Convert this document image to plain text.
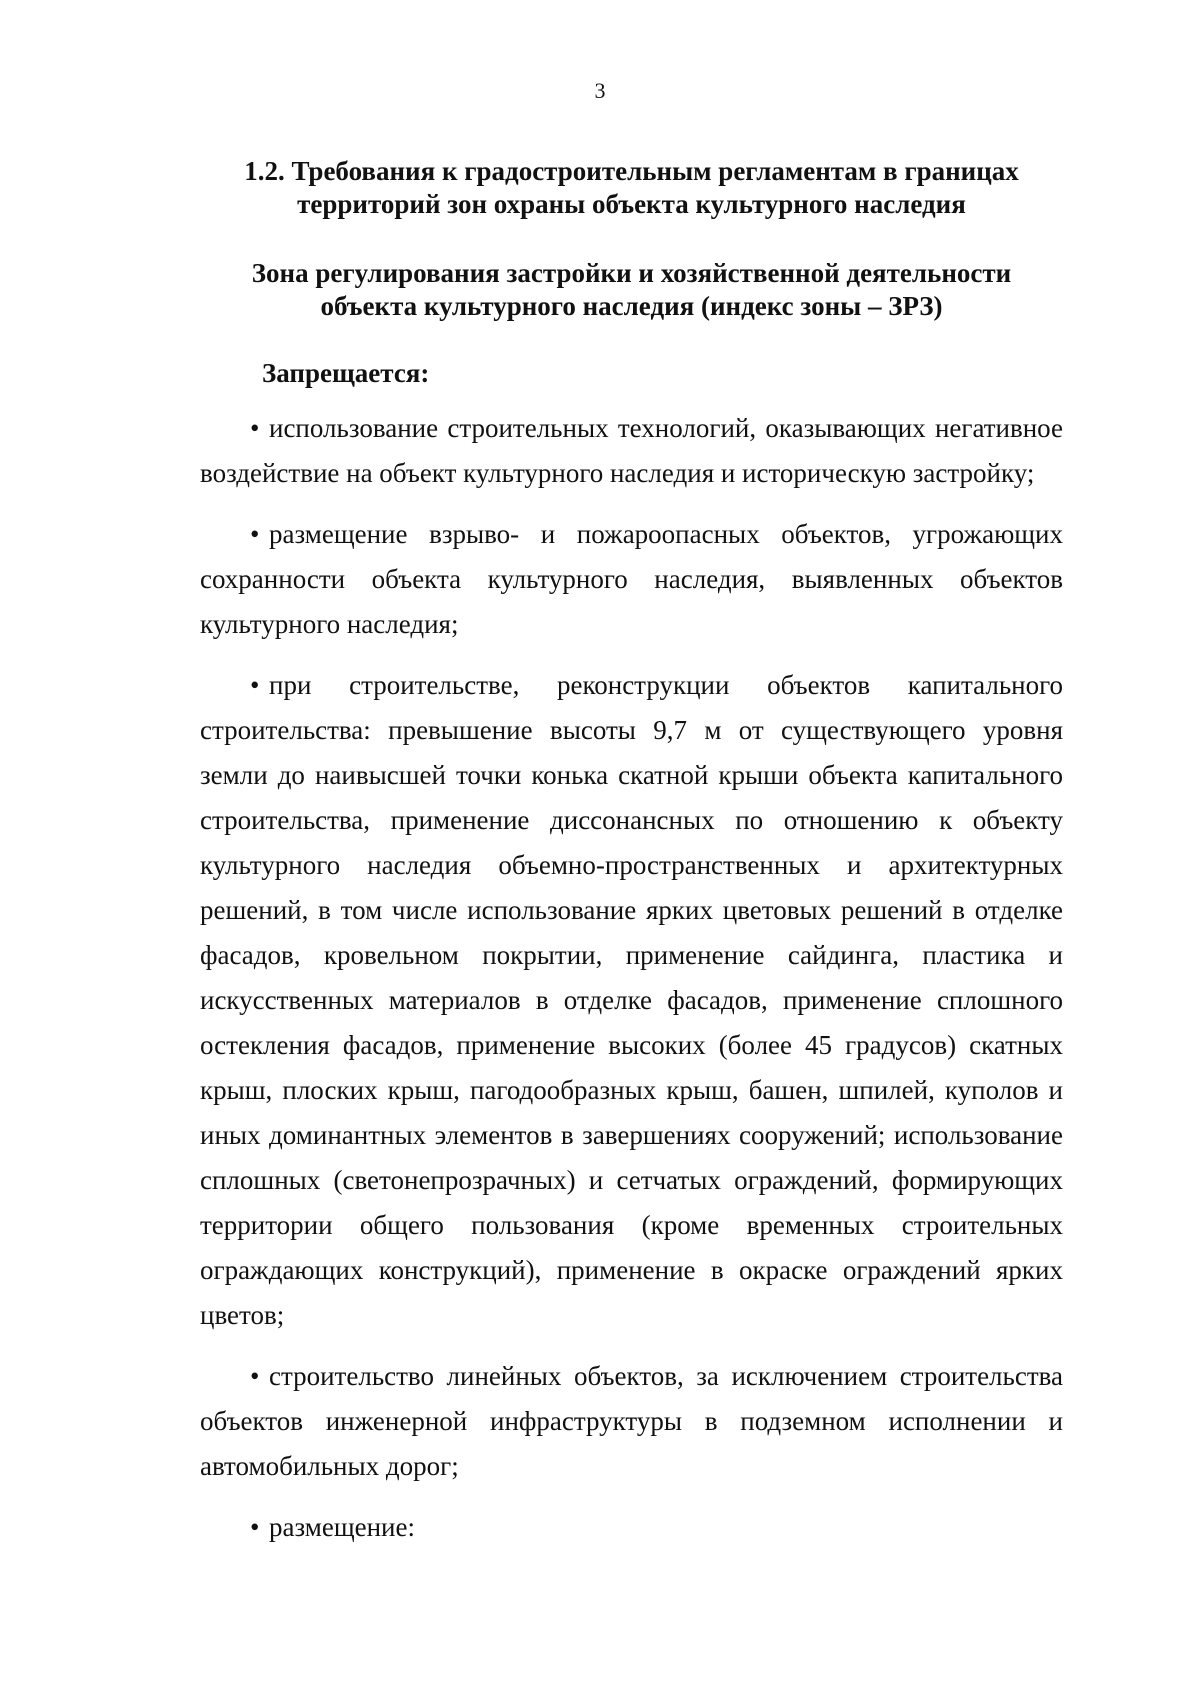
3
1.2. Требования к градостроительным регламентам в границах
территорий зон охраны объекта культурного наследия
Зона регулирования застройки и хозяйственной деятельности
объекта культурного наследия (индекс зоны – ЗРЗ)
Запрещается:

• использование строительных технологий, оказывающих негативное воздействие на объект культурного наследия и историческую застройку;

• размещение взрыво- и пожароопасных объектов, угрожающих сохранности объекта культурного наследия, выявленных объектов культурного наследия;

• при строительстве, реконструкции объектов капитального строительства: превышение высоты 9,7 м от существующего уровня земли до наивысшей точки конька скатной крыши объекта капитального строительства, применение диссонансных по отношению к объекту культурного наследия объемно-пространственных и архитектурных решений, в том числе использование ярких цветовых решений в отделке фасадов, кровельном покрытии, применение сайдинга, пластика и искусственных материалов в отделке фасадов, применение сплошного остекления фасадов, применение высоких (более 45 градусов) скатных крыш, плоских крыш, пагодообразных крыш, башен, шпилей, куполов и иных доминантных элементов в завершениях сооружений; использование сплошных (светонепрозрачных) и сетчатых ограждений, формирующих территории общего пользования (кроме временных строительных ограждающих конструкций), применение в окраске ограждений ярких цветов;

• строительство линейных объектов, за исключением строительства объектов инженерной инфраструктуры в подземном исполнении и автомобильных дорог;

• размещение:
